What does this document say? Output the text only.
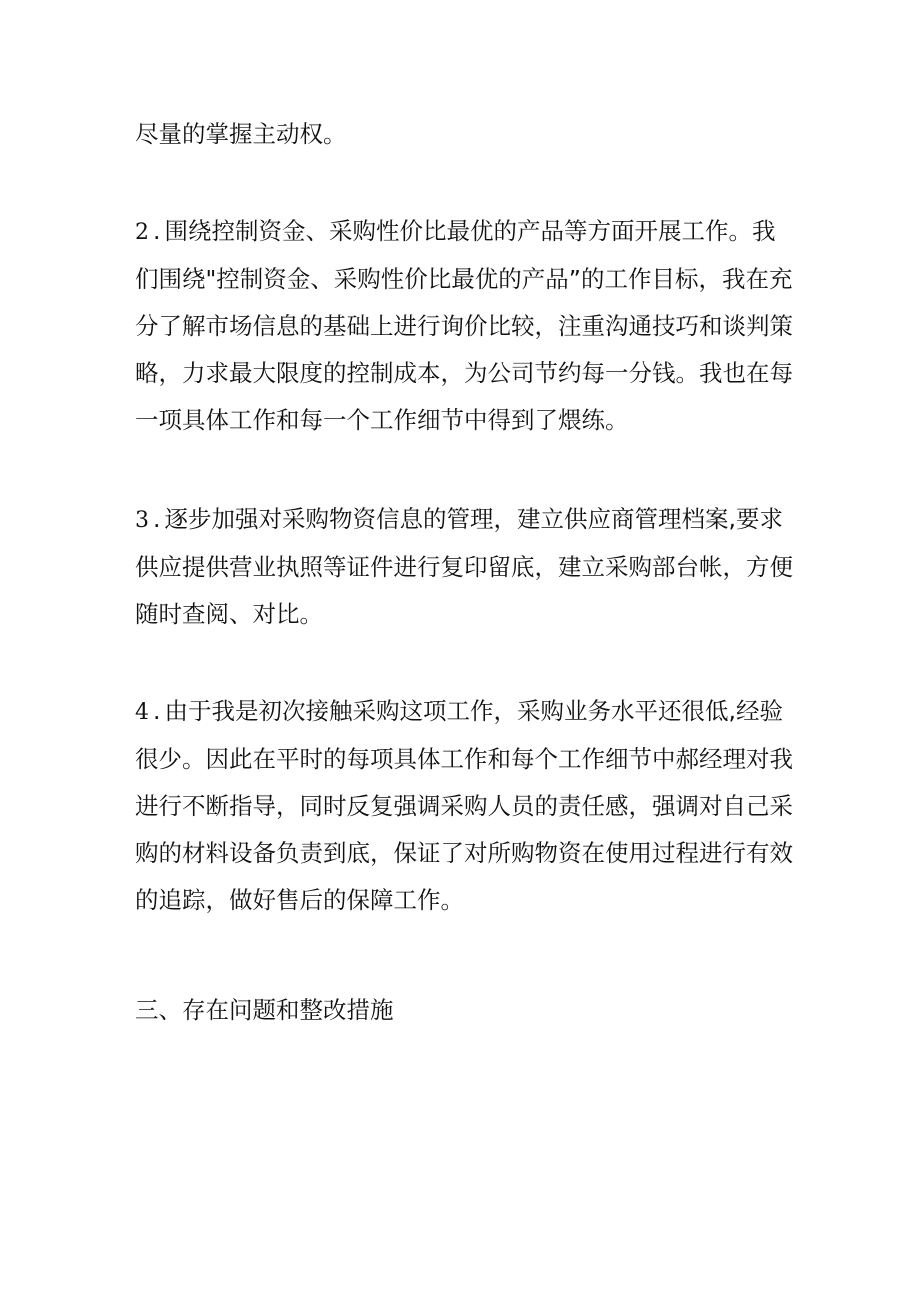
尽量的掌握主动权。

2 . 围绕控制资金、采购性价比最优的产品等方面开展工作。我们围绕"控制资金、采购性价比最优的产品”的工作目标，我在充分了解市场信息的基础上进行询价比较，注重沟通技巧和谈判策略，力求最大限度的控制成本，为公司节约每一分钱。我也在每一项具体工作和每一个工作细节中得到了煨练。

3 . 逐步加强对采购物资信息的管理，建立供应商管理档案,要求供应提供营业执照等证件进行复印留底，建立采购部台帐，方便随时查阅、对比。

4 . 由于我是初次接触采购这项工作，采购业务水平还很低,经验很少。因此在平时的每项具体工作和每个工作细节中郝经理对我进行不断指导，同时反复强调采购人员的责任感，强调对自己采购的材料设备负责到底，保证了对所购物资在使用过程进行有效的追踪，做好售后的保障工作。

三、存在问题和整改措施
